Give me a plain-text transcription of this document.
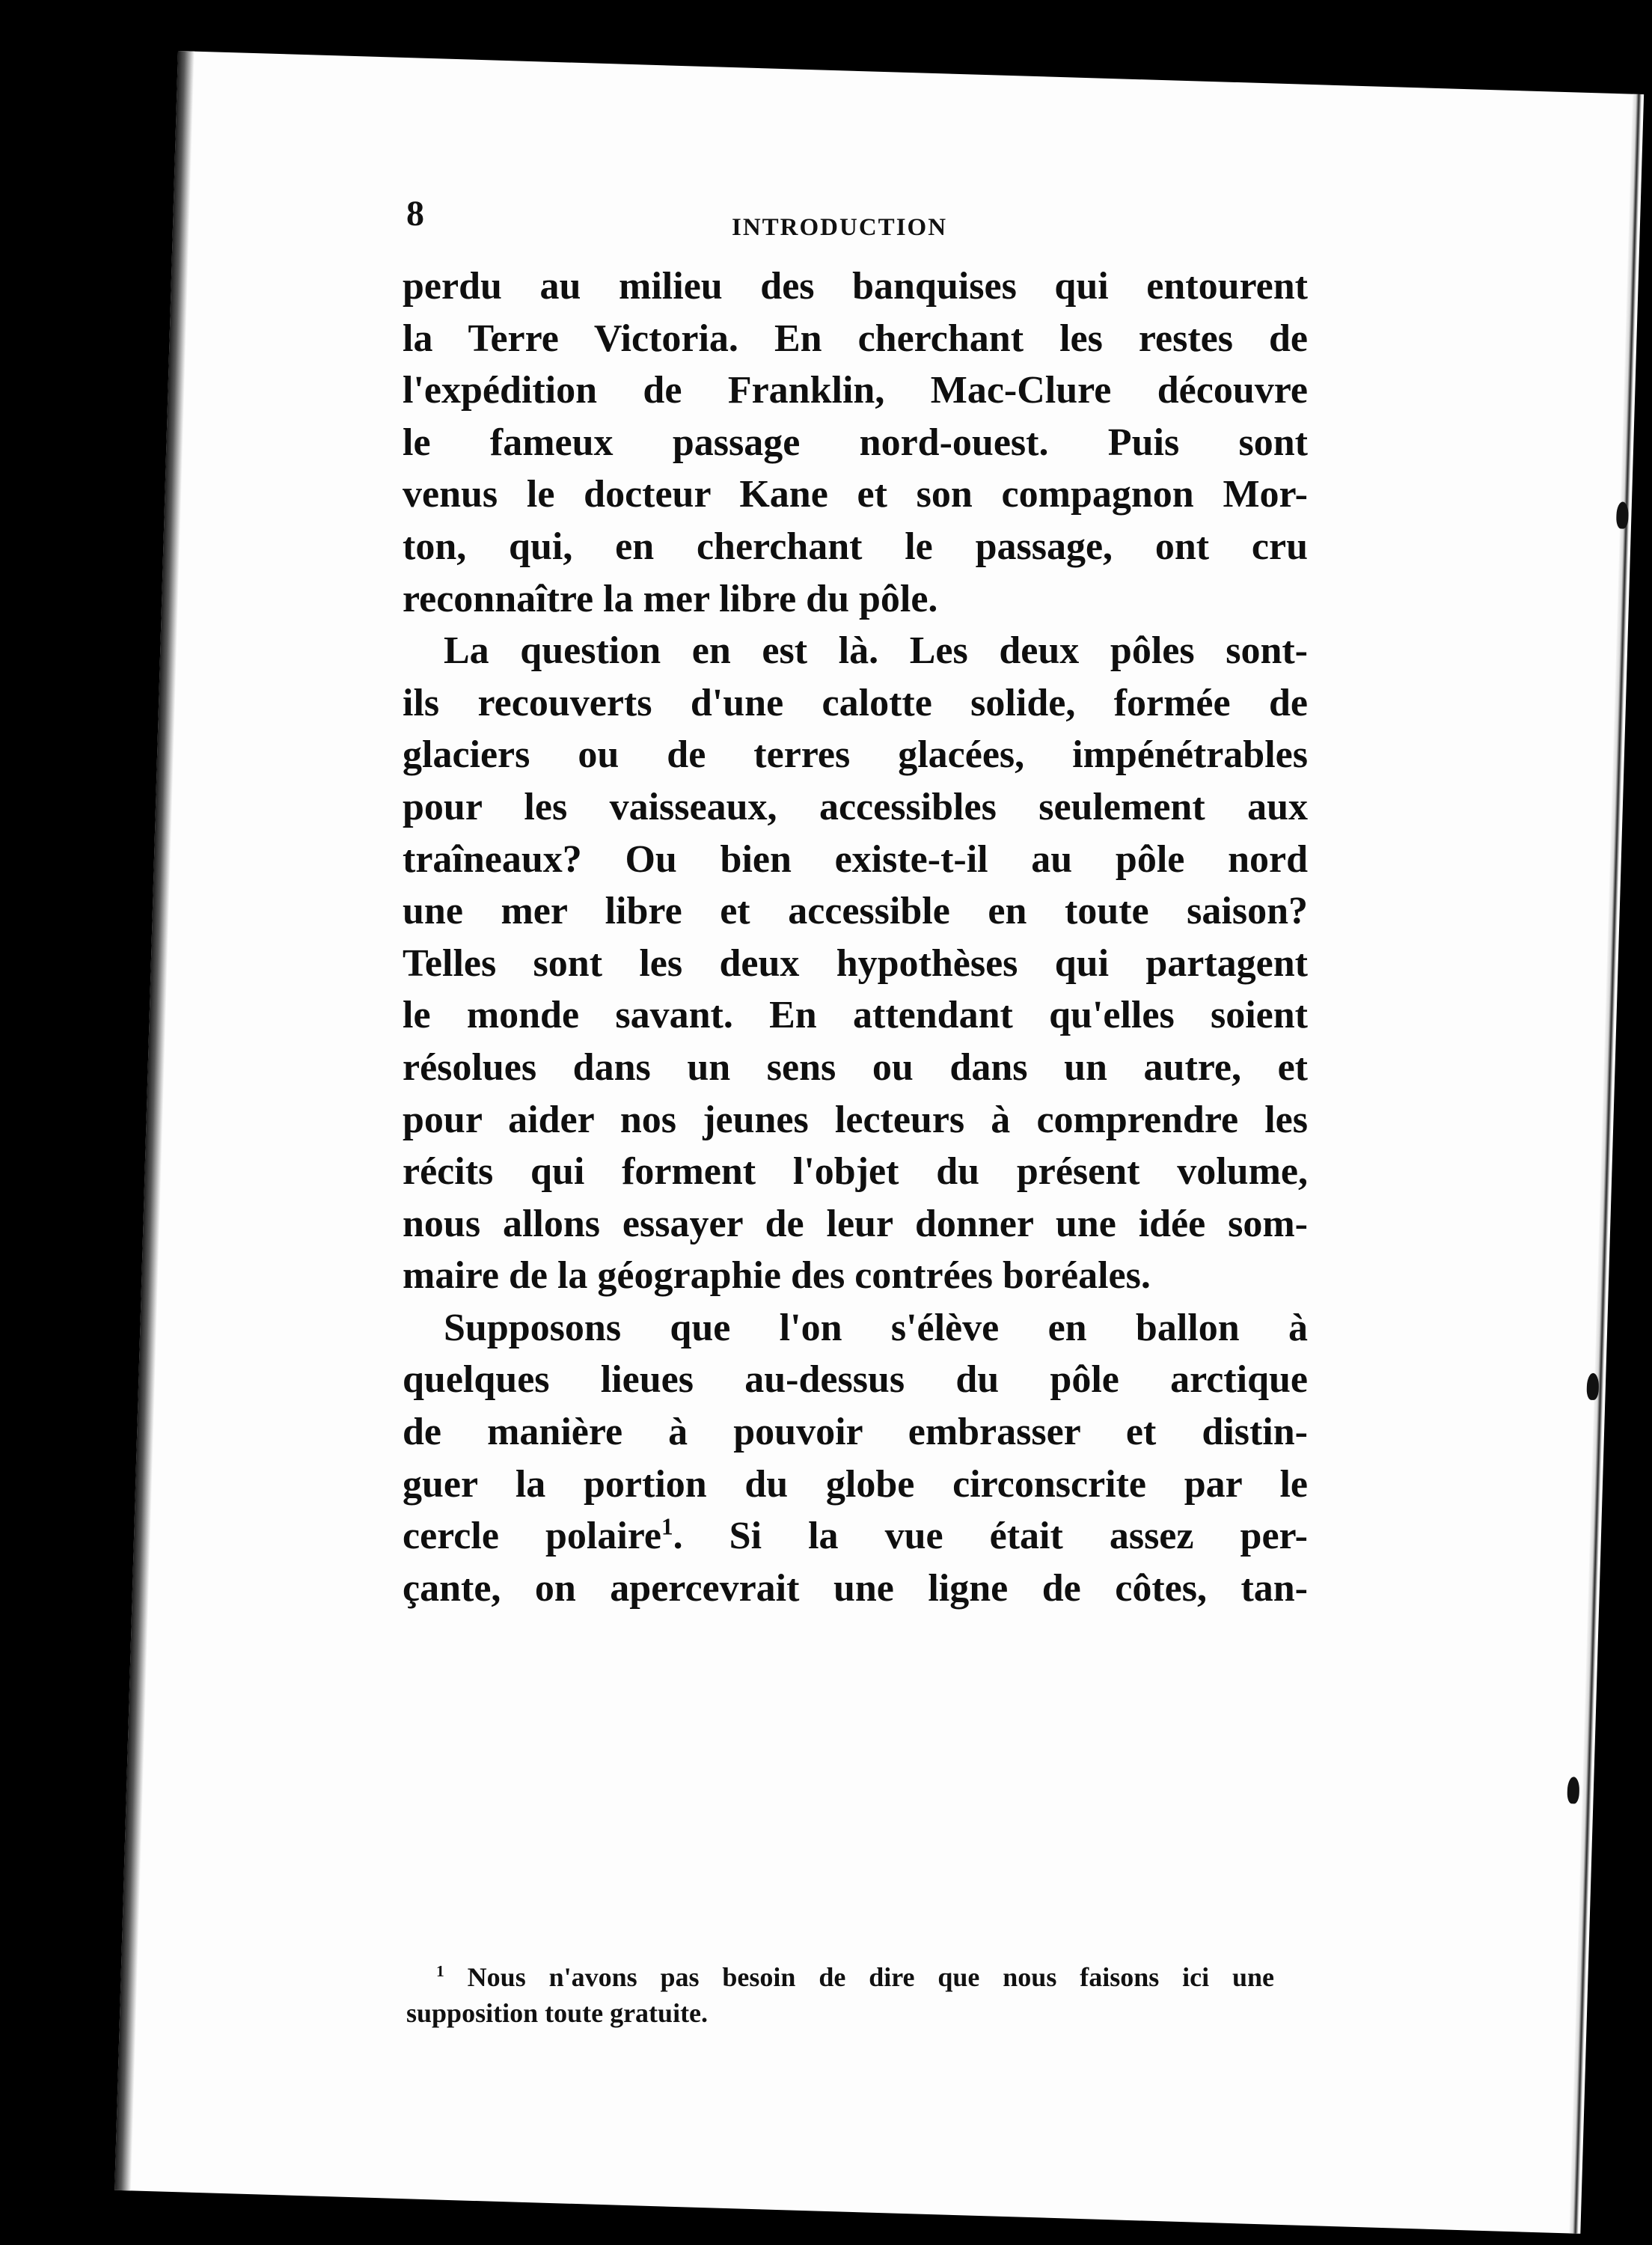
8	INTRODUCTION
perdu au milieu des banquises qui entourent
la Terre Victoria. En cherchant les restes de
l'expédition de Franklin, Mac-Clure découvre
le fameux passage nord-ouest. Puis sont
venus le docteur Kane et son compagnon Mor-
ton, qui, en cherchant le passage, ont cru
reconnaître la mer libre du pôle.
La question en est là. Les deux pôles sont-
ils recouverts d'une calotte solide, formée de
glaciers ou de terres glacées, impénétrables
pour les vaisseaux, accessibles seulement aux
traîneaux? Ou bien existe-t-il au pôle nord
une mer libre et accessible en toute saison?
Telles sont les deux hypothèses qui partagent
le monde savant. En attendant qu'elles soient
résolues dans un sens ou dans un autre, et
pour aider nos jeunes lecteurs à comprendre les
récits qui forment l'objet du présent volume,
nous allons essayer de leur donner une idée som-
maire de la géographie des contrées boréales.
Supposons que l'on s'élève en ballon à
quelques lieues au-dessus du pôle arctique
de manière à pouvoir embrasser et distin-
guer la portion du globe circonscrite par le
cercle polaire$^1$. Si la vue était assez per-
çante, on apercevrait une ligne de côtes, tan-
$^1$ Nous n'avons pas besoin de dire que nous faisons ici une
supposition toute gratuite.
